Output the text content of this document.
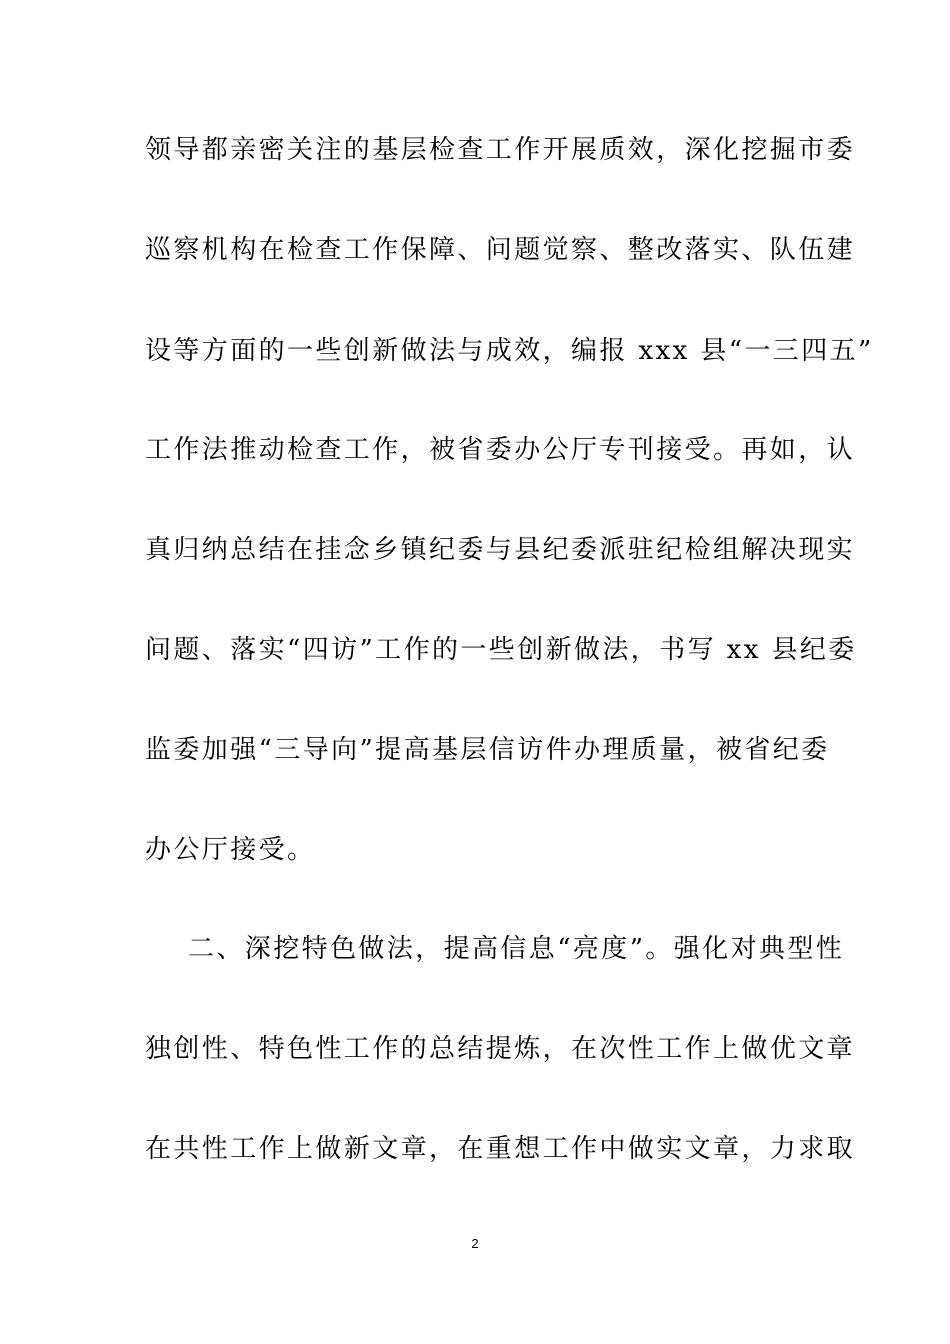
领导都亲密关注的基层检查工作开展质效，深化挖掘市委
巡察机构在检查工作保障、问题觉察、整改落实、队伍建
设等方面的一些创新做法与成效，编报 xxx 县“一三四五”
工作法推动检查工作，被省委办公厅专刊接受。再如，认
真归纳总结在挂念乡镇纪委与县纪委派驻纪检组解决现实
问题、落实“四访”工作的一些创新做法，书写 xx 县纪委
监委加强“三导向”提高基层信访件办理质量，被省纪委
办公厅接受。
二、深挖特色做法，提高信息“亮度”。强化对典型性
独创性、特色性工作的总结提炼，在次性工作上做优文章
在共性工作上做新文章，在重想工作中做实文章，力求取
2
